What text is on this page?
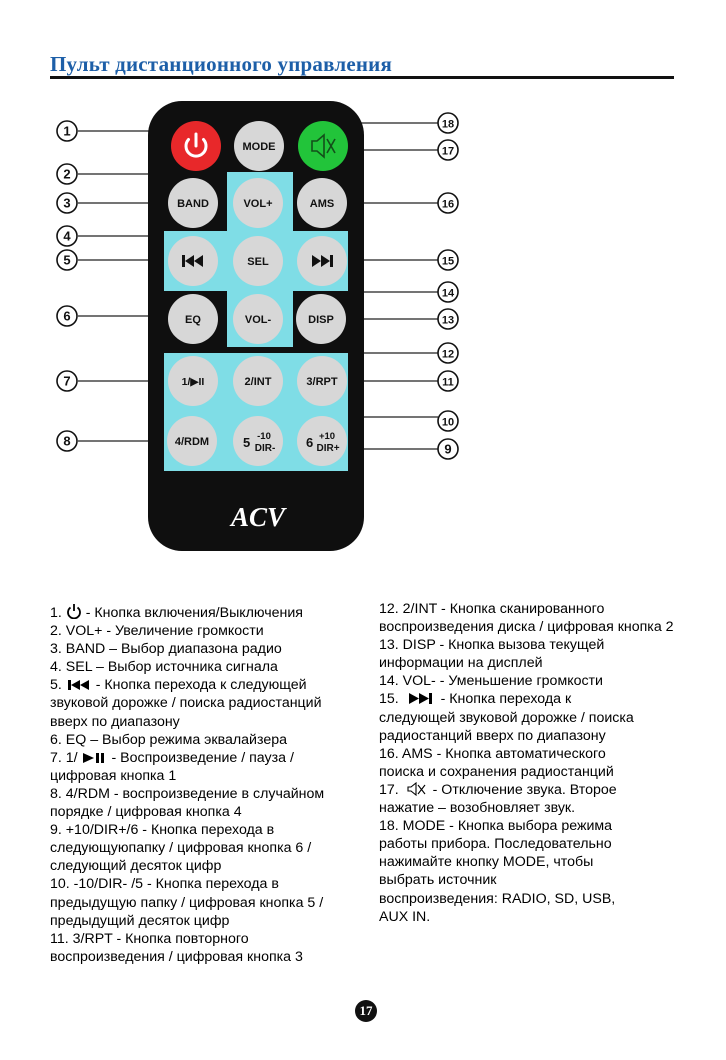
Пульт дистанционного управления
MODE
BAND	VOL+	AMS
SEL
EQ	VOL-	DISP
1/▶II	2/INT	3/RPT
4/RDM	5 -10
DIR- 6 +10
DIR+
ACV
1
2
3
4
5
6
7
8
9
10
11
12
13
14
15
16
17
18
1.  - Кнопка включения/Выключения
2. VOL+ - Увеличение громкости
3. BAND – Выбор диапазона радио
4. SEL – Выбор источника сигнала
5.  - Кнопка перехода к следующей
звуковой дорожке / поиска радиостанций
вверх по диапазону
6. EQ – Выбор режима эквалайзера
7. 1/  - Воспроизведение / пауза /
цифровая кнопка 1
8. 4/RDM - воспроизведение в случайном
порядке / цифровая кнопка 4
9. +10/DIR+/6 - Кнопка перехода в
следующуюпапку / цифровая кнопка 6 /
следующий десяток цифр
10. -10/DIR- /5 - Кнопка перехода в
предыдущую папку / цифровая кнопка 5 /
предыдущий десяток цифр
11. 3/RPT - Кнопка повторного
воспроизведения / цифровая кнопка 3
12. 2/INT - Кнопка сканированного
воспроизведения диска / цифровая кнопка 2
13. DISP - Кнопка вызова текущей
информации на дисплей
14. VOL- - Уменьшение громкости
15.	- Кнопка перехода к
следующей звуковой дорожке / поиска
радиостанций вверх по диапазону
16. AMS - Кнопка автоматического
поиска и сохранения радиостанций
17.  - Отключение звука. Второе
нажатие – возобновляет звук.
18. MODE - Кнопка выбора режима
работы прибора. Последовательно
нажимайте кнопку MODE, чтобы
выбрать источник
воспроизведения: RADIO, SD, USB,
AUX IN.
17
